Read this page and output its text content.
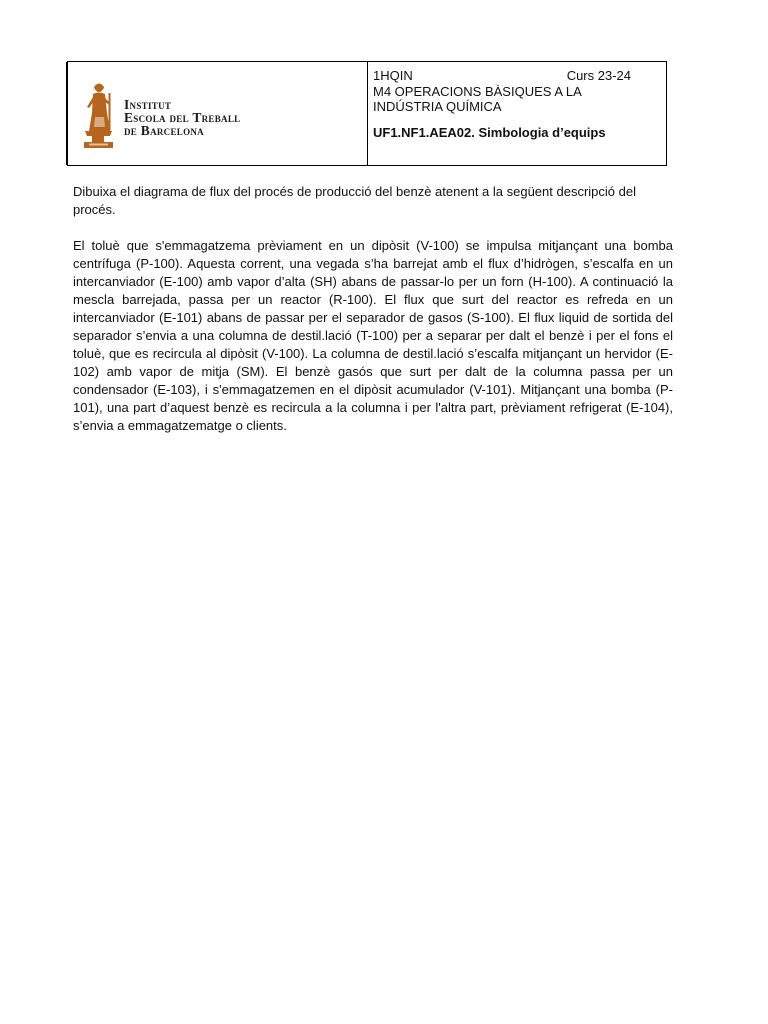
Institut
Escola del Treball
de Barcelona
1HQIN	Curs 23-24
M4 OPERACIONS BÀSIQUES A LA INDÚSTRIA QUÍMICA
UF1.NF1.AEA02. Simbologia d’equips

Dibuixa el diagrama de flux del procés de producció del benzè atenent a la següent descripció del procés.

El toluè que s'emmagatzema prèviament en un dipòsit (V-100) se impulsa mitjançant una bomba centrífuga (P-100). Aquesta corrent, una vegada s’ha barrejat amb el flux d’hidrògen, s’escalfa en un intercanviador (E-100) amb vapor d’alta (SH) abans de passar-lo per un forn (H-100). A continuació la mescla barrejada, passa per un reactor (R-100). El flux que surt del reactor es refreda en un intercanviador (E-101) abans de passar per el separador de gasos (S-100). El flux liquid de sortida del separador s’envia a una columna de destil.lació (T-100) per a separar per dalt el benzè i per el fons el toluè, que es recircula al dipòsit (V-100). La columna de destil.lació s’escalfa mitjançant un hervidor (E-102) amb vapor de mitja (SM). El benzè gasós que surt per dalt de la columna passa per un condensador (E-103), i s'emmagatzemen en el dipòsit acumulador (V-101). Mitjançant una bomba (P-101), una part d’aquest benzè es recircula a la columna i per l'altra part, prèviament refrigerat (E-104), s’envia a emmagatzematge o clients.
